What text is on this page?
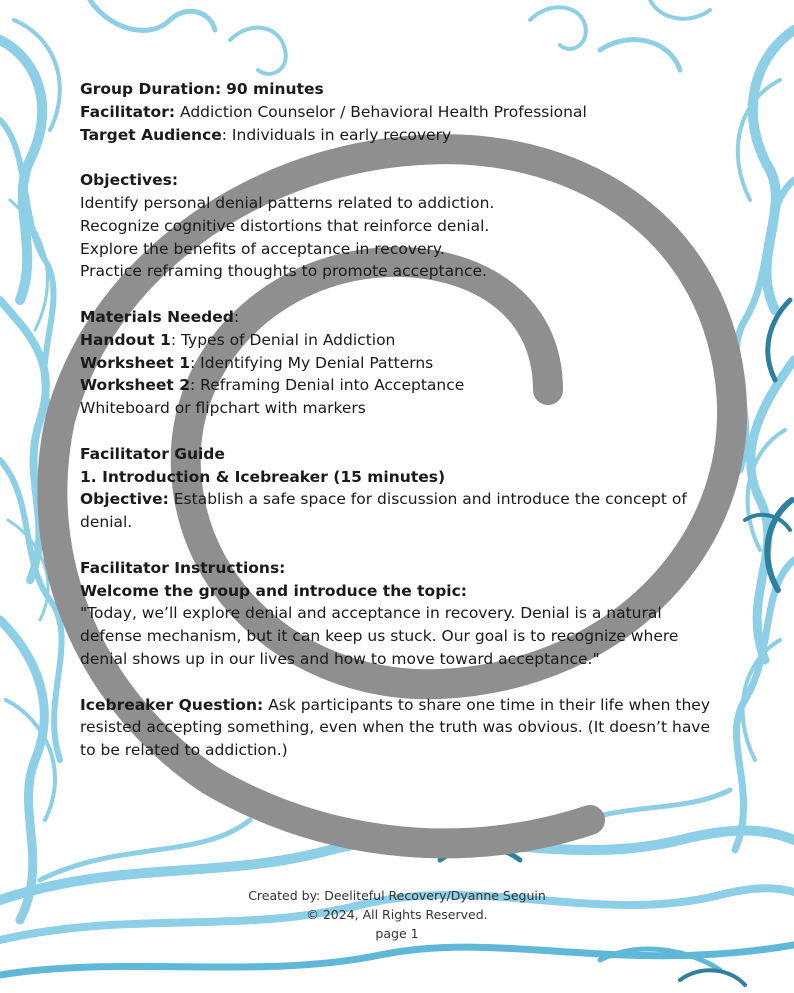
Group Duration: 90 minutes

Facilitator: Addiction Counselor / Behavioral Health Professional

Target Audience: Individuals in early recovery

Objectives:

Identify personal denial patterns related to addiction.

Recognize cognitive distortions that reinforce denial.

Explore the benefits of acceptance in recovery.

Practice reframing thoughts to promote acceptance.

Materials Needed:

Handout 1: Types of Denial in Addiction

Worksheet 1: Identifying My Denial Patterns

Worksheet 2: Reframing Denial into Acceptance

Whiteboard or flipchart with markers

Facilitator Guide

1. Introduction & Icebreaker (15 minutes)

Objective: Establish a safe space for discussion and introduce the concept of denial.

Facilitator Instructions:

Welcome the group and introduce the topic:

"Today, we’ll explore denial and acceptance in recovery. Denial is a natural defense mechanism, but it can keep us stuck. Our goal is to recognize where denial shows up in our lives and how to move toward acceptance."

Icebreaker Question: Ask participants to share one time in their life when they resisted accepting something, even when the truth was obvious. (It doesn’t have to be related to addiction.)

Created by: Deeliteful Recovery/Dyanne Seguin

© 2024, All Rights Reserved.

page 1
